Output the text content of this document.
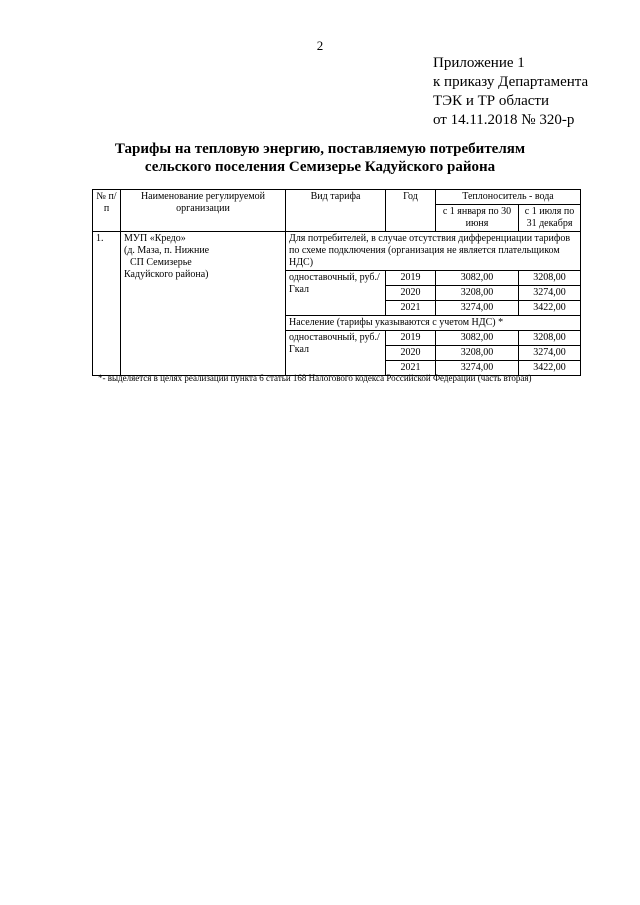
2
Приложение 1
к приказу Департамента
ТЭК и ТР области
от 14.11.2018 № 320-р
Тарифы на тепловую энергию, поставляемую потребителям
сельского поселения Семизерье Кадуйского района
№ п/п	Наименование регулируемой организации	Вид тарифа	Год	Теплоноситель - вода	
				с 1 января по 30 июня	с 1 июля по 31 декабря
1.	МУП «Кредо»
(д. Маза, п. Нижние
СП Семизерье
Кадуйского района)	Для потребителей, в случае отсутствия дифференциации тарифов по схеме подключения (организация не является плательщиком НДС)			
		одноставочный, руб./Гкал	2019	3082,00	3208,00
			2020	3208,00	3274,00
			2021	3274,00	3422,00
		Население (тарифы указываются с учетом НДС) *			
		одноставочный, руб./Гкал	2019	3082,00	3208,00
			2020	3208,00	3274,00
			2021	3274,00	3422,00
*- выделяется в целях реализации пункта 6 статьи 168 Налогового кодекса Российской Федерации (часть вторая)
